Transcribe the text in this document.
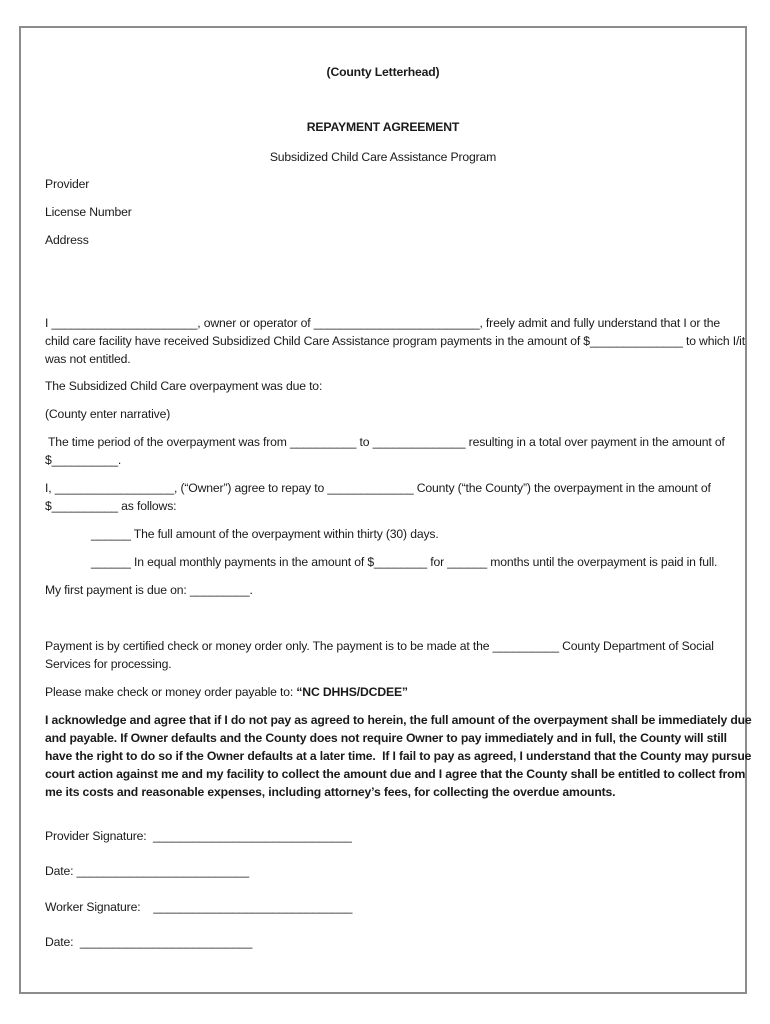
(County Letterhead)
REPAYMENT AGREEMENT
Subsidized Child Care Assistance Program
Provider
License Number
Address
I ______________________, owner or operator of _________________________, freely admit and fully understand that I or the
child care facility have received Subsidized Child Care Assistance program payments in the amount of $______________ to which I/it
was not entitled.
The Subsidized Child Care overpayment was due to:
(County enter narrative)
The time period of the overpayment was from __________ to ______________ resulting in a total over payment in the amount of
$__________.
I, __________________, (“Owner”) agree to repay to _____________ County (“the County”) the overpayment in the amount of
$__________ as follows:
______ The full amount of the overpayment within thirty (30) days.
______ In equal monthly payments in the amount of $________ for ______ months until the overpayment is paid in full.
My first payment is due on: _________.
Payment is by certified check or money order only. The payment is to be made at the __________ County Department of Social
Services for processing.
Please make check or money order payable to: “NC DHHS/DCDEE”
I acknowledge and agree that if I do not pay as agreed to herein, the full amount of the overpayment shall be immediately due
and payable. If Owner defaults and the County does not require Owner to pay immediately and in full, the County will still
have the right to do so if the Owner defaults at a later time.  If I fail to pay as agreed, I understand that the County may pursue
court action against me and my facility to collect the amount due and I agree that the County shall be entitled to collect from
me its costs and reasonable expenses, including attorney’s fees, for collecting the overdue amounts.
Provider Signature:  ______________________________
Date: __________________________
Worker Signature:    ______________________________
Date:  __________________________
